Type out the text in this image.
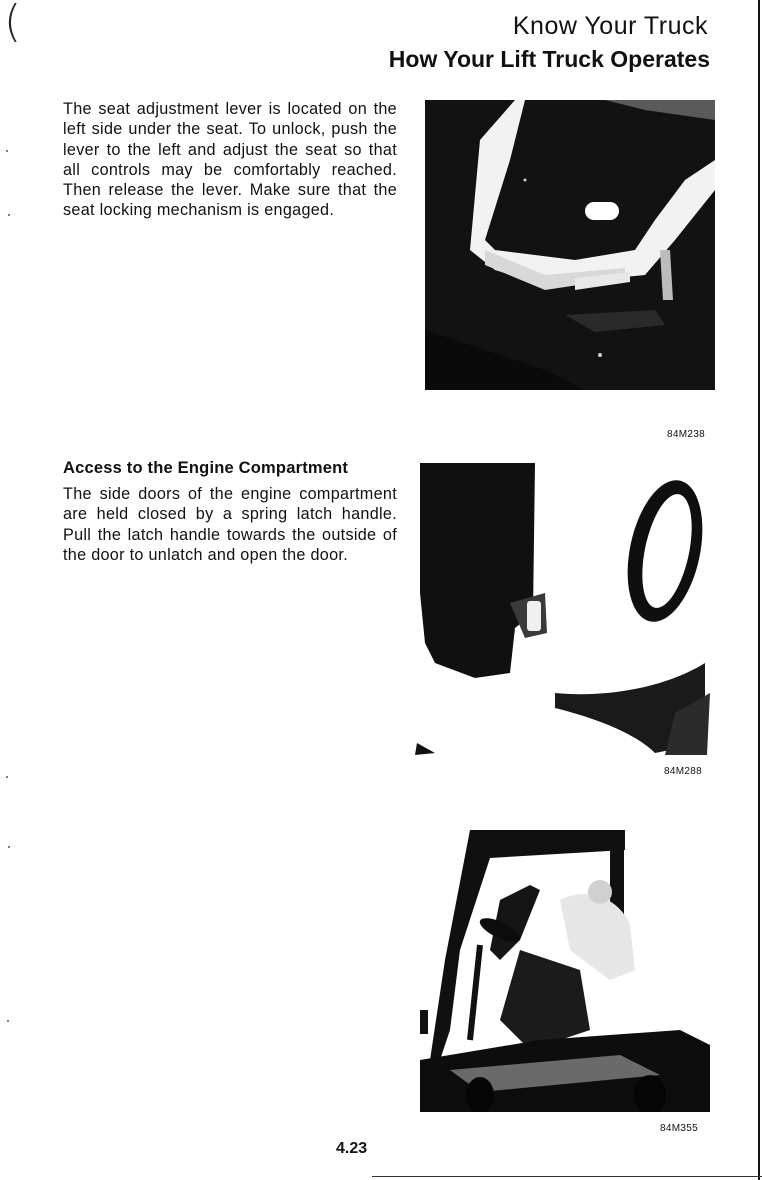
(	Know Your Truck
How Your Lift Truck Operates
The seat adjustment lever is located on the left side under the seat. To unlock, push the lever to the left and adjust the seat so that all controls may be comfortably reached. Then release the lever. Make sure that the seat locking mechanism is engaged.
84M238
Access to the Engine Compartment
The side doors of the engine compartment are held closed by a spring latch handle. Pull the latch handle towards the outside of the door to unlatch and open the door.
84M288
84M355
4.23
